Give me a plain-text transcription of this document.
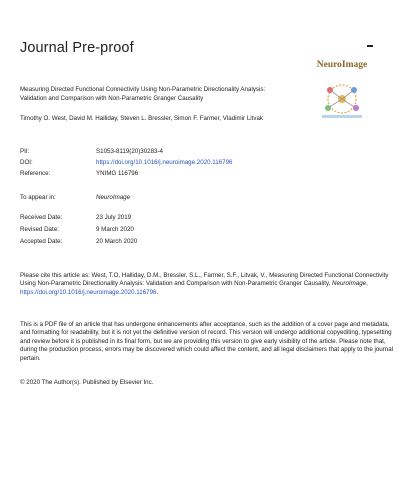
Journal Pre-proof
NeuroImage
Measuring Directed Functional Connectivity Using Non-Parametric Directionality Analysis: Validation and Comparison with Non-Parametric Granger Causality
Timothy O. West, David M. Halliday, Steven L. Bressler, Simon F. Farmer, Vladimir Litvak
PII:	S1053-8119(20)30283-4
DOI:	https://doi.org/10.1016/j.neuroimage.2020.116796
Reference:	YNIMG 116796
To appear in:	NeuroImage
Received Date:	23 July 2019
Revised Date:	9 March 2020
Accepted Date:	20 March 2020
Please cite this article as: West, T.O, Halliday, D.M., Bressler, S.L., Farmer, S.F., Litvak, V., Measuring Directed Functional Connectivity Using Non-Parametric Directionality Analysis: Validation and Comparison with Non-Parametric Granger Causality, NeuroImage, https://doi.org/10.1016/j.neuroimage.2020.116796.
This is a PDF file of an article that has undergone enhancements after acceptance, such as the addition of a cover page and metadata, and formatting for readability, but it is not yet the definitive version of record. This version will undergo additional copyediting, typesetting and review before it is published in its final form, but we are providing this version to give early visibility of the article. Please note that, during the production process, errors may be discovered which could affect the content, and all legal disclaimers that apply to the journal pertain.
© 2020 The Author(s). Published by Elsevier Inc.
